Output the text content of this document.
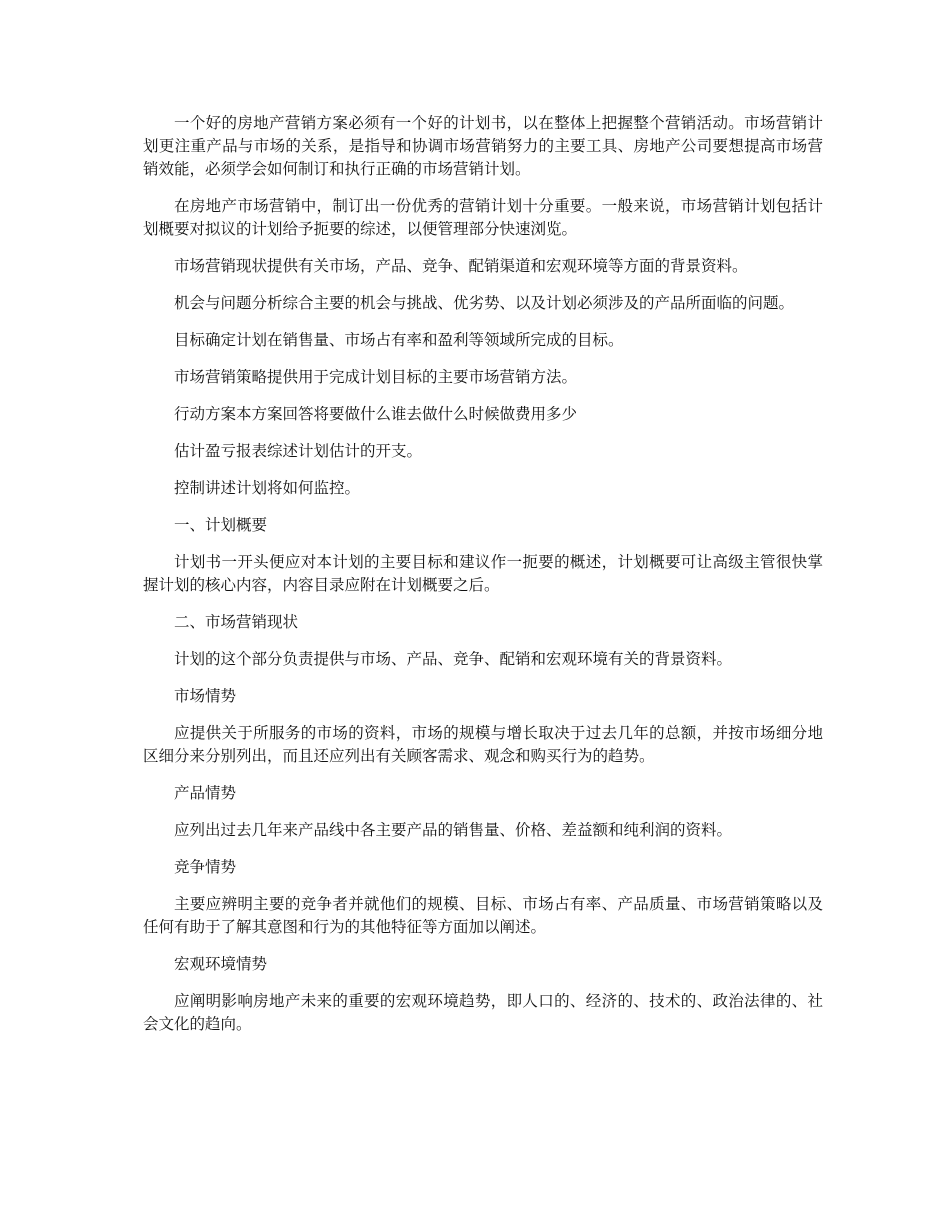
一个好的房地产营销方案必须有一个好的计划书，以在整体上把握整个营销活动。市场营销计划更注重产品与市场的关系，是指导和协调市场营销努力的主要工具、房地产公司要想提高市场营销效能，必须学会如何制订和执行正确的市场营销计划。

在房地产市场营销中，制订出一份优秀的营销计划十分重要。一般来说，市场营销计划包括计划概要对拟议的计划给予扼要的综述，以便管理部分快速浏览。

市场营销现状提供有关市场，产品、竞争、配销渠道和宏观环境等方面的背景资料。

机会与问题分析综合主要的机会与挑战、优劣势、以及计划必须涉及的产品所面临的问题。

目标确定计划在销售量、市场占有率和盈利等领域所完成的目标。

市场营销策略提供用于完成计划目标的主要市场营销方法。

行动方案本方案回答将要做什么谁去做什么时候做费用多少

估计盈亏报表综述计划估计的开支。

控制讲述计划将如何监控。

一、计划概要

计划书一开头便应对本计划的主要目标和建议作一扼要的概述，计划概要可让高级主管很快掌握计划的核心内容，内容目录应附在计划概要之后。

二、市场营销现状

计划的这个部分负责提供与市场、产品、竞争、配销和宏观环境有关的背景资料。

市场情势

应提供关于所服务的市场的资料，市场的规模与增长取决于过去几年的总额，并按市场细分地区细分来分别列出，而且还应列出有关顾客需求、观念和购买行为的趋势。

产品情势

应列出过去几年来产品线中各主要产品的销售量、价格、差益额和纯利润的资料。

竞争情势

主要应辨明主要的竞争者并就他们的规模、目标、市场占有率、产品质量、市场营销策略以及任何有助于了解其意图和行为的其他特征等方面加以阐述。

宏观环境情势

应阐明影响房地产未来的重要的宏观环境趋势，即人口的、经济的、技术的、政治法律的、社会文化的趋向。
